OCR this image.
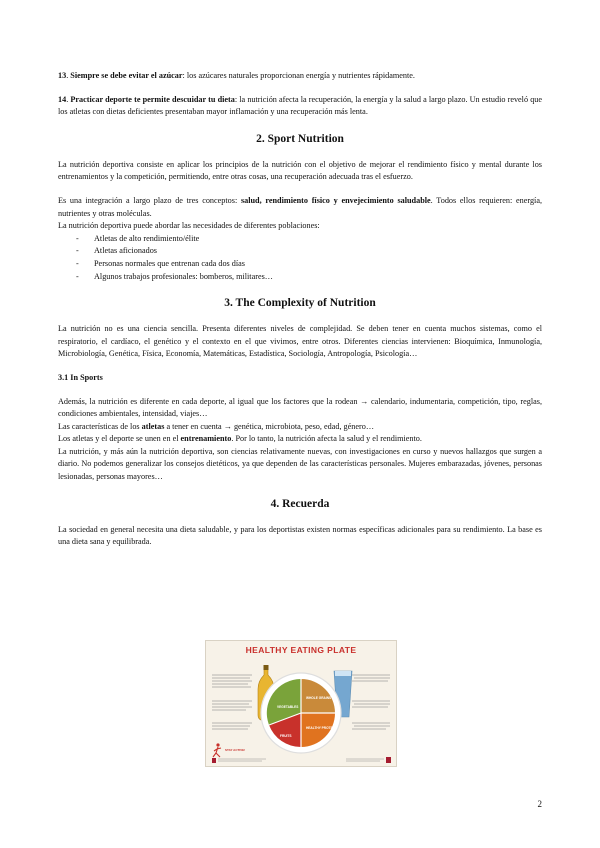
13. Siempre se debe evitar el azúcar: los azúcares naturales proporcionan energía y nutrientes rápidamente.

14. Practicar deporte te permite descuidar tu dieta: la nutrición afecta la recuperación, la energía y la salud a largo plazo. Un estudio reveló que los atletas con dietas deficientes presentaban mayor inflamación y una recuperación más lenta.

2. Sport Nutrition

La nutrición deportiva consiste en aplicar los principios de la nutrición con el objetivo de mejorar el rendimiento físico y mental durante los entrenamientos y la competición, permitiendo, entre otras cosas, una recuperación adecuada tras el esfuerzo.

Es una integración a largo plazo de tres conceptos: salud, rendimiento físico y envejecimiento saludable. Todos ellos requieren: energía, nutrientes y otras moléculas.

La nutrición deportiva puede abordar las necesidades de diferentes poblaciones:

- Atletas de alto rendimiento/élite
- Atletas aficionados
- Personas normales que entrenan cada dos días
- Algunos trabajos profesionales: bomberos, militares…
3. The Complexity of Nutrition

La nutrición no es una ciencia sencilla. Presenta diferentes niveles de complejidad. Se deben tener en cuenta muchos sistemas, como el respiratorio, el cardíaco, el genético y el contexto en el que vivimos, entre otros. Diferentes ciencias intervienen: Bioquímica, Inmunología, Microbiología, Genética, Física, Economía, Matemáticas, Estadística, Sociología, Antropología, Psicología…

3.1 In Sports

Además, la nutrición es diferente en cada deporte, al igual que los factores que la rodean → calendario, indumentaria, competición, tipo, reglas, condiciones ambientales, intensidad, viajes…

Las características de los atletas a tener en cuenta → genética, microbiota, peso, edad, género…

Los atletas y el deporte se unen en el entrenamiento. Por lo tanto, la nutrición afecta la salud y el rendimiento.

La nutrición, y más aún la nutrición deportiva, son ciencias relativamente nuevas, con investigaciones en curso y nuevos hallazgos que surgen a diario. No podemos generalizar los consejos dietéticos, ya que dependen de las características personales. Mujeres embarazadas, jóvenes, personas lesionadas, personas mayores…

4. Recuerda

La sociedad en general necesita una dieta saludable, y para los deportistas existen normas específicas adicionales para su rendimiento. La base es una dieta sana y equilibrada.

HEALTHY EATING PLATE
VEGETABLES
FRUITS
WHOLE GRAINS
HEALTHY PROTEIN
STAY ACTIVE!
2
